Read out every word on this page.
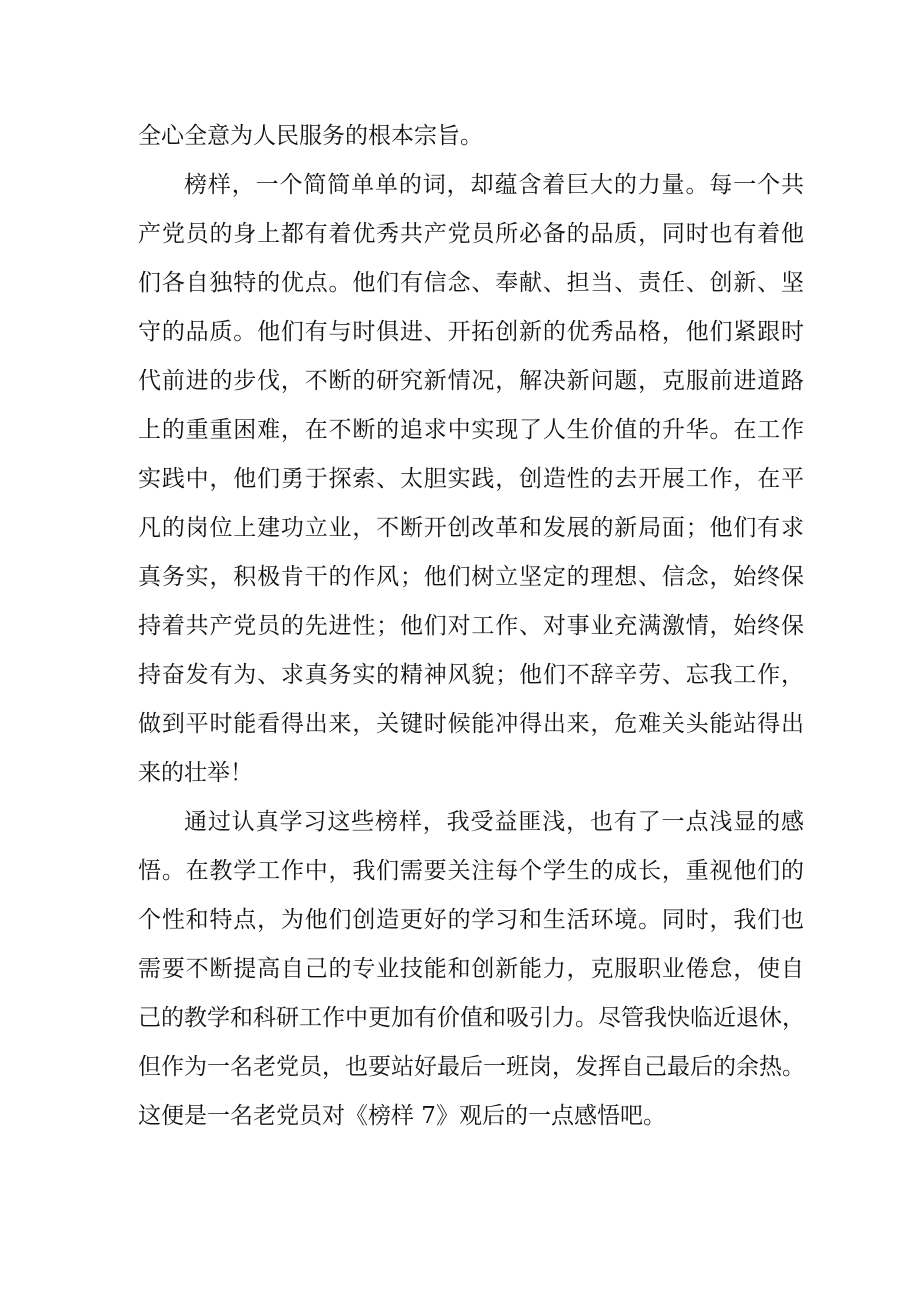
全心全意为人民服务的根本宗旨。
榜样，一个简简单单的词，却蕴含着巨大的力量。每一个共
产党员的身上都有着优秀共产党员所必备的品质，同时也有着他
们各自独特的优点。他们有信念、奉献、担当、责任、创新、坚
守的品质。他们有与时俱进、开拓创新的优秀品格，他们紧跟时
代前进的步伐，不断的研究新情况，解决新问题，克服前进道路
上的重重困难，在不断的追求中实现了人生价值的升华。在工作
实践中，他们勇于探索、太胆实践，创造性的去开展工作，在平
凡的岗位上建功立业，不断开创改革和发展的新局面；他们有求
真务实，积极肯干的作风；他们树立坚定的理想、信念，始终保
持着共产党员的先进性；他们对工作、对事业充满激情，始终保
持奋发有为、求真务实的精神风貌；他们不辞辛劳、忘我工作，
做到平时能看得出来，关键时候能冲得出来，危难关头能站得出
来的壮举！
通过认真学习这些榜样，我受益匪浅，也有了一点浅显的感
悟。在教学工作中，我们需要关注每个学生的成长，重视他们的
个性和特点，为他们创造更好的学习和生活环境。同时，我们也
需要不断提高自己的专业技能和创新能力，克服职业倦怠，使自
己的教学和科研工作中更加有价值和吸引力。尽管我快临近退休，
但作为一名老党员，也要站好最后一班岗，发挥自己最后的余热。
这便是一名老党员对《榜样 7》观后的一点感悟吧。
